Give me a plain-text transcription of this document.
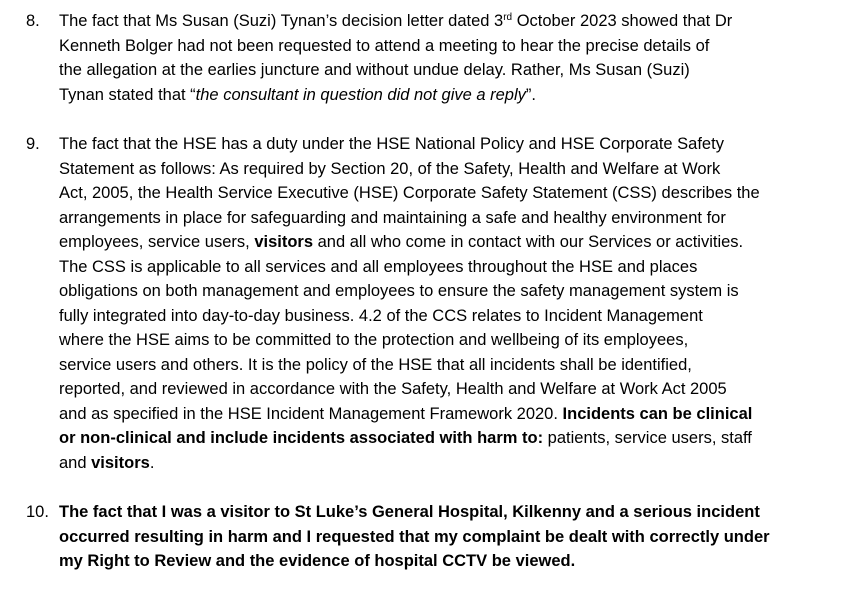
8. The fact that Ms Susan (Suzi) Tynan’s decision letter dated 3rd October 2023 showed that Dr
Kenneth Bolger had not been requested to attend a meeting to hear the precise details of
the allegation at the earlies juncture and without undue delay. Rather, Ms Susan (Suzi)
Tynan stated that “the consultant in question did not give a reply”.
9. The fact that the HSE has a duty under the HSE National Policy and HSE Corporate Safety
Statement as follows: As required by Section 20, of the Safety, Health and Welfare at Work
Act, 2005, the Health Service Executive (HSE) Corporate Safety Statement (CSS) describes the
arrangements in place for safeguarding and maintaining a safe and healthy environment for
employees, service users, visitors and all who come in contact with our Services or activities.
The CSS is applicable to all services and all employees throughout the HSE and places
obligations on both management and employees to ensure the safety management system is
fully integrated into day-to-day business. 4.2 of the CCS relates to Incident Management
where the HSE aims to be committed to the protection and wellbeing of its employees,
service users and others. It is the policy of the HSE that all incidents shall be identified,
reported, and reviewed in accordance with the Safety, Health and Welfare at Work Act 2005
and as specified in the HSE Incident Management Framework 2020. Incidents can be clinical
or non-clinical and include incidents associated with harm to: patients, service users, staff
and visitors.
10. The fact that I was a visitor to St Luke’s General Hospital, Kilkenny and a serious incident
occurred resulting in harm and I requested that my complaint be dealt with correctly under
my Right to Review and the evidence of hospital CCTV be viewed.
